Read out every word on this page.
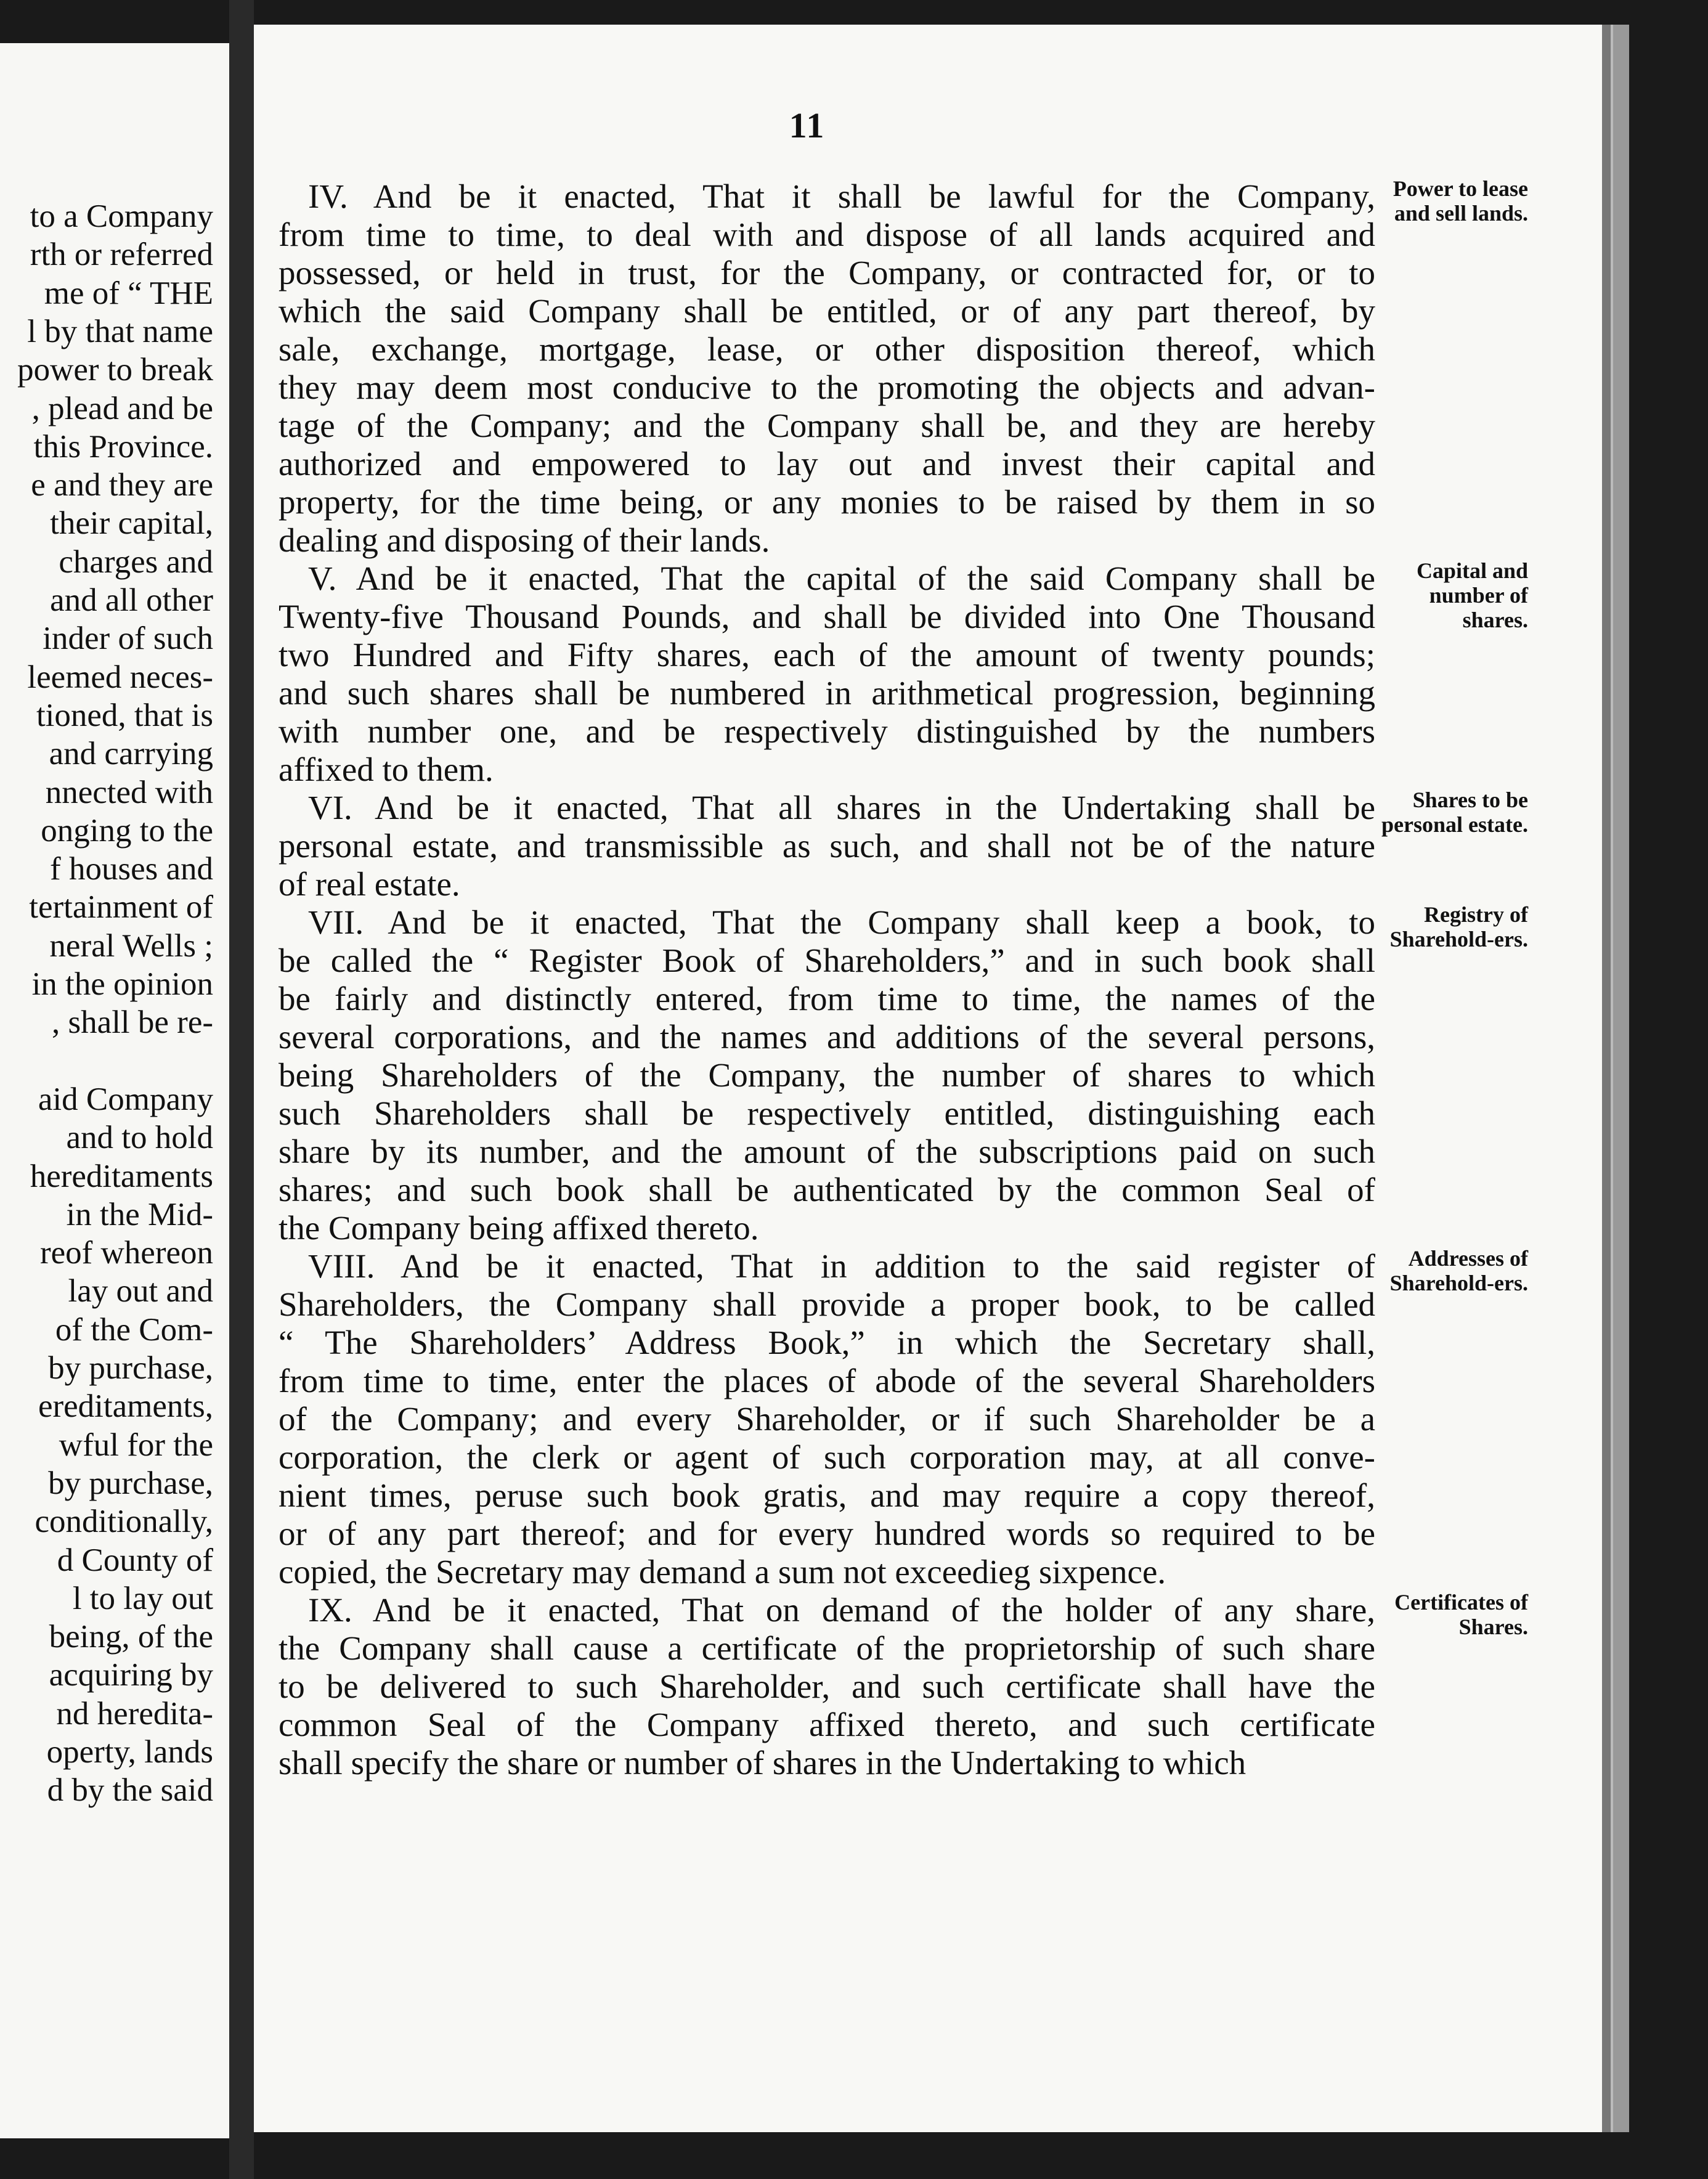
to a Company
rth or referred
me of “ THE
l by that name
power to break
, plead and be
this Province.
e and they are
their capital,
charges and
and all other
inder of such
leemed neces-
tioned, that is
and carrying
nnected with
onging to the
f houses and
tertainment of
neral Wells ;
in the opinion
, shall be re-
aid Company
and to hold
hereditaments
in the Mid-
reof whereon
lay out and
of the Com-
by purchase,
ereditaments,
wful for the
by purchase,
conditionally,
d County of
l to lay out
being, of the
acquiring by
nd heredita-
operty, lands
d by the said
11
IV. And be it enacted, That it shall be lawful for the Company,
from time to time, to deal with and dispose of all lands acquired and
possessed, or held in trust, for the Company, or contracted for, or to
which the said Company shall be entitled, or of any part thereof, by
sale, exchange, mortgage, lease, or other disposition thereof, which
they may deem most conducive to the promoting the objects and advan-
tage of the Company; and the Company shall be, and they are hereby
authorized and empowered to lay out and invest their capital and
property, for the time being, or any monies to be raised by them in so
dealing and disposing of their lands.
V. And be it enacted, That the capital of the said Company shall be
Twenty-five Thousand Pounds, and shall be divided into One Thousand
two Hundred and Fifty shares, each of the amount of twenty pounds;
and such shares shall be numbered in arithmetical progression, beginning
with number one, and be respectively distinguished by the numbers
affixed to them.
VI. And be it enacted, That all shares in the Undertaking shall be
personal estate, and transmissible as such, and shall not be of the nature
of real estate.
VII. And be it enacted, That the Company shall keep a book, to
be called the “ Register Book of Shareholders,” and in such book shall
be fairly and distinctly entered, from time to time, the names of the
several corporations, and the names and additions of the several persons,
being Shareholders of the Company, the number of shares to which
such Shareholders shall be respectively entitled, distinguishing each
share by its number, and the amount of the subscriptions paid on such
shares; and such book shall be authenticated by the common Seal of
the Company being affixed thereto.
VIII. And be it enacted, That in addition to the said register of
Shareholders, the Company shall provide a proper book, to be called
“ The Shareholders’ Address Book,” in which the Secretary shall,
from time to time, enter the places of abode of the several Shareholders
of the Company; and every Shareholder, or if such Shareholder be a
corporation, the clerk or agent of such corporation may, at all conve-
nient times, peruse such book gratis, and may require a copy thereof,
or of any part thereof; and for every hundred words so required to be
copied, the Secretary may demand a sum not exceedieg sixpence.
IX. And be it enacted, That on demand of the holder of any share,
the Company shall cause a certificate of the proprietorship of such share
to be delivered to such Shareholder, and such certificate shall have the
common Seal of the Company affixed thereto, and such certificate
shall specify the share or number of shares in the Undertaking to which
Power to lease and sell lands.
Capital and number of shares.
Shares to be personal estate.
Registry of Sharehold-ers.
Addresses of Sharehold-ers.
Certificates of Shares.
